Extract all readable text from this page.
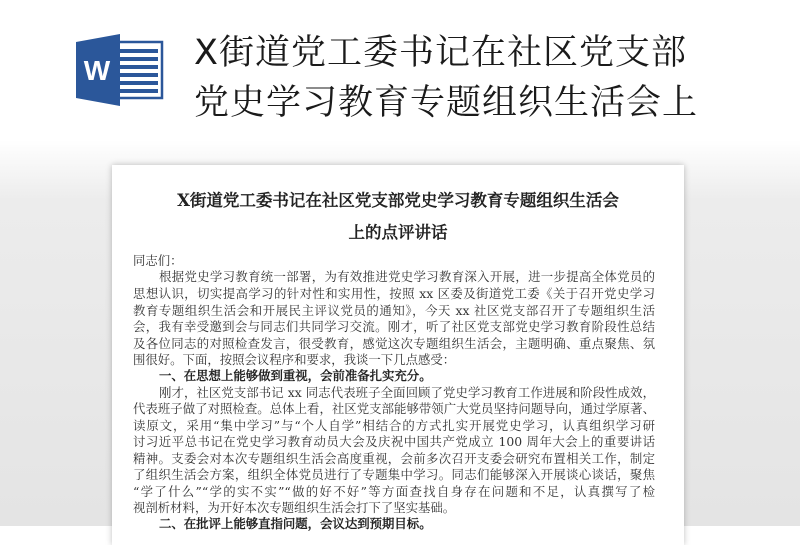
W X街道党工委书记在社区党支部
党史学习教育专题组织生活会上
X街道党工委书记在社区党支部党史学习教育专题组织生活会
上的点评讲话
同志们：
根据党史学习教育统一部署，为有效推进党史学习教育深入开展，进一步提高全体党员的
思想认识，切实提高学习的针对性和实用性，按照 xx 区委及街道党工委《关于召开党史学习
教育专题组织生活会和开展民主评议党员的通知》，今天 xx 社区党支部召开了专题组织生活
会，我有幸受邀到会与同志们共同学习交流。刚才，听了社区党支部党史学习教育阶段性总结
及各位同志的对照检查发言，很受教育，感觉这次专题组织生活会，主题明确、重点聚焦、氛
围很好。下面，按照会议程序和要求，我谈一下几点感受：
一、在思想上能够做到重视，会前准备扎实充分。
刚才，社区党支部书记 xx 同志代表班子全面回顾了党史学习教育工作进展和阶段性成效，
代表班子做了对照检查。总体上看，社区党支部能够带领广大党员坚持问题导向，通过学原著、
读原文，采用“集中学习”与“个人自学”相结合的方式扎实开展党史学习，认真组织学习研
讨习近平总书记在党史学习教育动员大会及庆祝中国共产党成立 100 周年大会上的重要讲话
精神。支委会对本次专题组织生活会高度重视，会前多次召开支委会研究布置相关工作，制定
了组织生活会方案，组织全体党员进行了专题集中学习。同志们能够深入开展谈心谈话，聚焦
“学了什么”“学的实不实”“做的好不好”等方面查找自身存在问题和不足，认真撰写了检
视剖析材料，为开好本次专题组织生活会打下了坚实基础。
二、在批评上能够直指问题，会议达到预期目标。
